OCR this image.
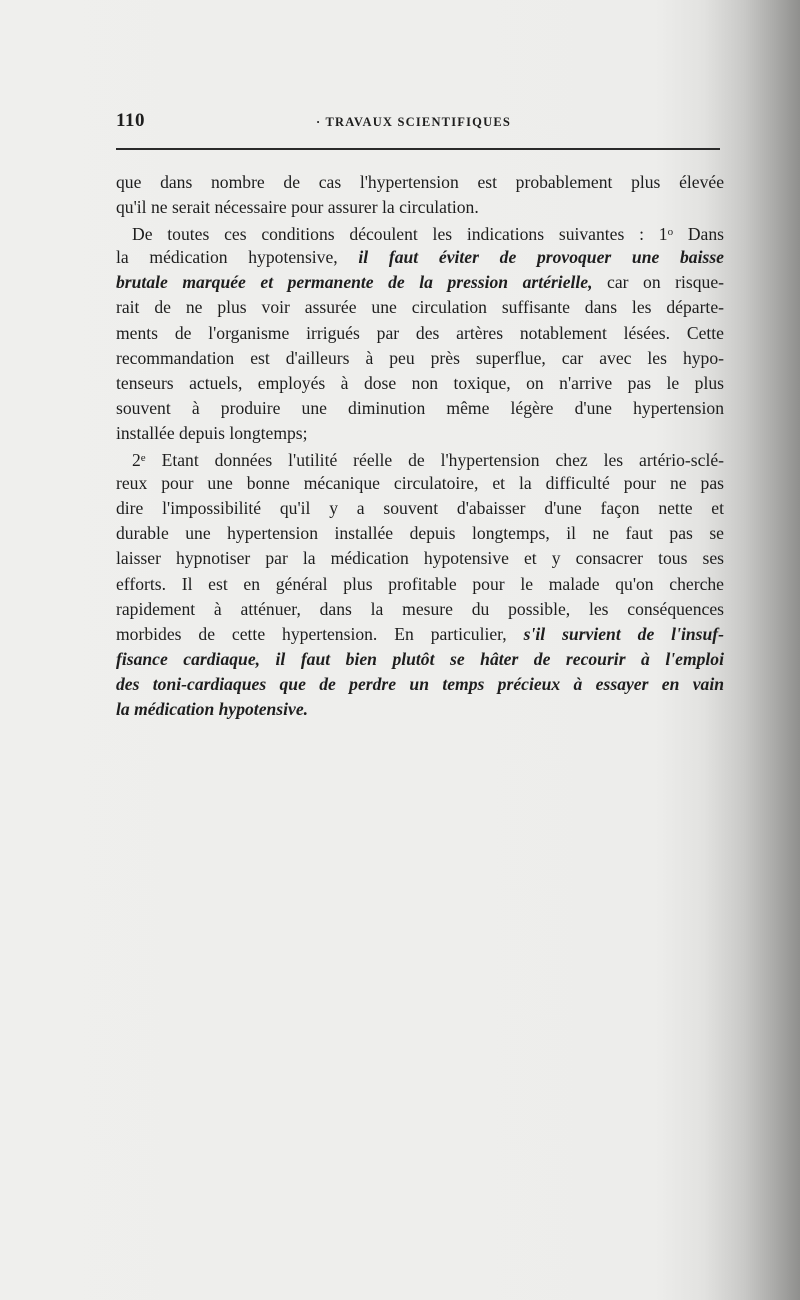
110	· TRAVAUX SCIENTIFIQUES
que dans nombre de cas l'hypertension est probablement plus élevée
qu'il ne serait nécessaire pour assurer la circulation.
De toutes ces conditions découlent les indications suivantes : 1$^o$ Dans
la médication hypotensive, il faut éviter de provoquer une baisse
brutale marquée et permanente de la pression artérielle, car on risque-
rait de ne plus voir assurée une circulation suffisante dans les départe-
ments de l'organisme irrigués par des artères notablement lésées. Cette
recommandation est d'ailleurs à peu près superflue, car avec les hypo-
tenseurs actuels, employés à dose non toxique, on n'arrive pas le plus
souvent à produire une diminution même légère d'une hypertension
installée depuis longtemps;
2e Etant données l'utilité réelle de l'hypertension chez les artério-sclé-
reux pour une bonne mécanique circulatoire, et la difficulté pour ne pas
dire l'impossibilité qu'il y a souvent d'abaisser d'une façon nette et
durable une hypertension installée depuis longtemps, il ne faut pas se
laisser hypnotiser par la médication hypotensive et y consacrer tous ses
efforts. Il est en général plus profitable pour le malade qu'on cherche
rapidement à atténuer, dans la mesure du possible, les conséquences
morbides de cette hypertension. En particulier, s'il survient de l'insuf-
fisance cardiaque, il faut bien plutôt se hâter de recourir à l'emploi
des toni-cardiaques que de perdre un temps précieux à essayer en vain
la médication hypotensive.
